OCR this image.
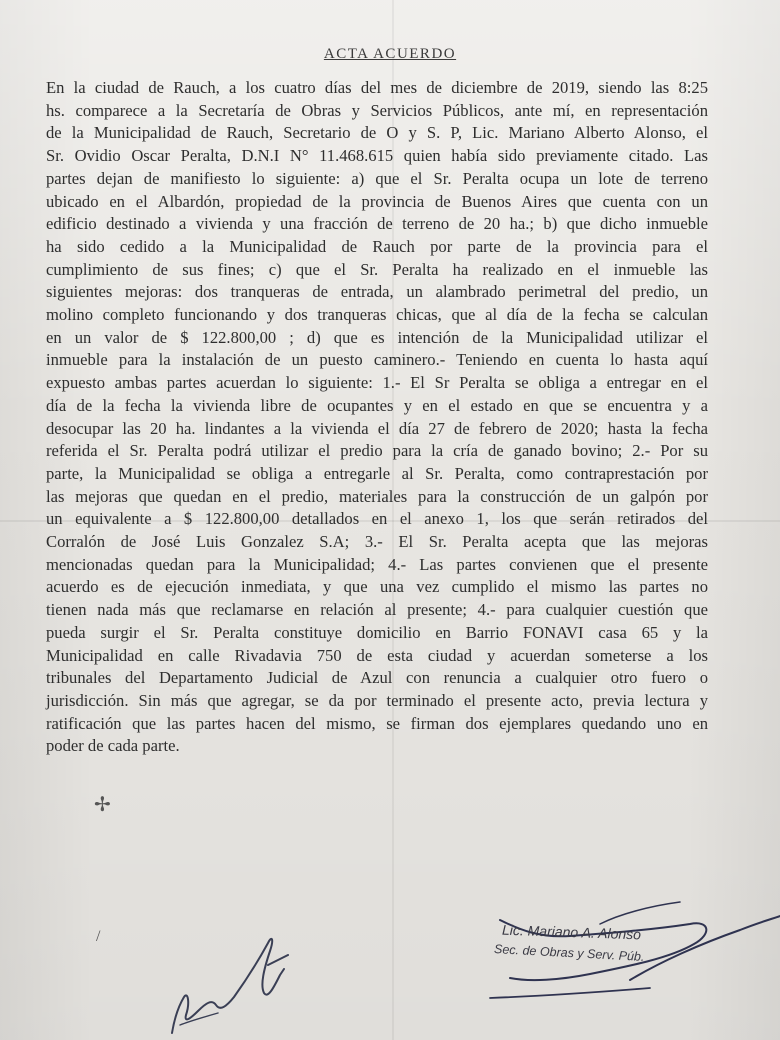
ACTA ACUERDO
En la ciudad de Rauch, a los cuatro días del mes de diciembre de 2019, siendo las 8:25
hs. comparece a la Secretaría de Obras y Servicios Públicos, ante mí, en representación
de la Municipalidad de Rauch, Secretario de O y S. P, Lic. Mariano Alberto Alonso, el
Sr. Ovidio Oscar Peralta, D.N.I N° 11.468.615 quien había sido previamente citado. Las
partes dejan de manifiesto lo siguiente: a) que el Sr. Peralta ocupa un lote de terreno
ubicado en el Albardón, propiedad de la provincia de Buenos Aires que cuenta con un
edificio destinado a vivienda y una fracción de terreno de 20 ha.; b) que dicho inmueble
ha sido cedido a la Municipalidad de Rauch por parte de la provincia para el
cumplimiento de sus fines; c) que el Sr. Peralta ha realizado en el inmueble las
siguientes mejoras: dos tranqueras de entrada, un alambrado perimetral del predio, un
molino completo funcionando y dos tranqueras chicas, que al día de la fecha se calculan
en un valor de $ 122.800,00 ; d) que es intención de la Municipalidad utilizar el
inmueble para la instalación de un puesto caminero.- Teniendo en cuenta lo hasta aquí
expuesto ambas partes acuerdan lo siguiente: 1.- El Sr Peralta se obliga a entregar en el
día de la fecha la vivienda libre de ocupantes y en el estado en que se encuentra y a
desocupar las 20 ha. lindantes a la vivienda el día 27 de febrero de 2020; hasta la fecha
referida el Sr. Peralta podrá utilizar el predio para la cría de ganado bovino; 2.- Por su
parte, la Municipalidad se obliga a entregarle al Sr. Peralta, como contraprestación por
las mejoras que quedan en el predio, materiales para la construcción de un galpón por
un equivalente a $ 122.800,00 detallados en el anexo 1, los que serán retirados del
Corralón de José Luis Gonzalez S.A; 3.- El Sr. Peralta acepta que las mejoras
mencionadas quedan para la Municipalidad; 4.- Las partes convienen que el presente
acuerdo es de ejecución inmediata, y que una vez cumplido el mismo las partes no
tienen nada más que reclamarse en relación al presente; 4.- para cualquier cuestión que
pueda surgir el Sr. Peralta constituye domicilio en Barrio FONAVI casa 65 y la
Municipalidad en calle Rivadavia 750 de esta ciudad y acuerdan someterse a los
tribunales del Departamento Judicial de Azul con renuncia a cualquier otro fuero o
jurisdicción. Sin más que agregar, se da por terminado el presente acto, previa lectura y
ratificación que las partes hacen del mismo, se firman dos ejemplares quedando uno en
poder de cada parte.
✢
/	Lic. Mariano A. Alonso
Sec. de Obras y Serv. Púb.
